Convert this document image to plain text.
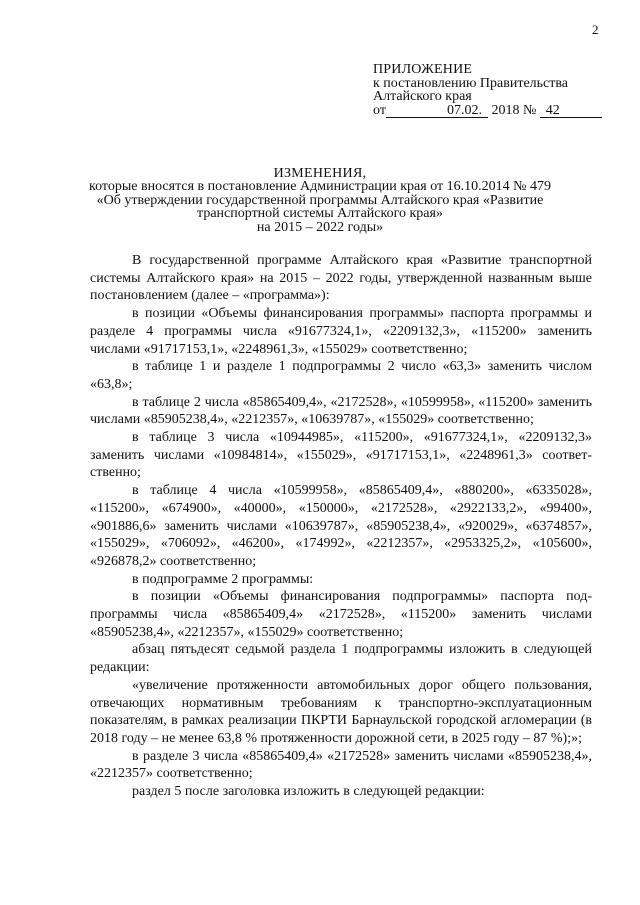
2
ПРИЛОЖЕНИЕ
к постановлению Правительства
Алтайского края
от	07.02. 2018 № 42
ИЗМЕНЕНИЯ,
которые вносятся в постановление Администрации края от 16.10.2014 № 479
«Об утверждении государственной программы Алтайского края «Развитие
транспортной системы Алтайского края»
на 2015 – 2022 годы»

В государственной программе Алтайского края «Развитие транспортной системы Алтайского края» на 2015 – 2022 годы, утвержденной названным выше постановлением (далее – «программа»):

в позиции «Объемы финансирования программы» паспорта программы и разделе 4 программы числа «91677324,1», «2209132,3», «115200» заменить числами «91717153,1», «2248961,3», «155029» соответственно;

в таблице 1 и разделе 1 подпрограммы 2 число «63,3» заменить числом «63,8»;

в таблице 2 числа «85865409,4», «2172528», «10599958», «115200» заменить числами «85905238,4», «2212357», «10639787», «155029» соответственно;

в таблице 3 числа «10944985», «115200», «91677324,1», «2209132,3» заменить числами «10984814», «155029», «91717153,1», «2248961,3» соответственно;

в таблице 4 числа «10599958», «85865409,4», «880200», «6335028», «115200», «674900», «40000», «150000», «2172528», «2922133,2», «99400», «901886,6» заменить числами «10639787», «85905238,4», «920029», «6374857», «155029», «706092», «46200», «174992», «2212357», «2953325,2», «105600», «926878,2» соответственно;

в подпрограмме 2 программы:

в позиции «Объемы финансирования подпрограммы» паспорта подпрограммы числа «85865409,4» «2172528», «115200» заменить числами «85905238,4», «2212357», «155029» соответственно;

абзац пятьдесят седьмой раздела 1 подпрограммы изложить в следующей редакции:

«увеличение протяженности автомобильных дорог общего пользования, отвечающих нормативным требованиям к транспортно-эксплуатационным показателям, в рамках реализации ПКРТИ Барнаульской городской агломерации (в 2018 году – не менее 63,8 % протяженности дорожной сети, в 2025 году – 87 %);»;

в разделе 3 числа «85865409,4» «2172528» заменить числами «85905238,4», «2212357» соответственно;

раздел 5 после заголовка изложить в следующей редакции:
